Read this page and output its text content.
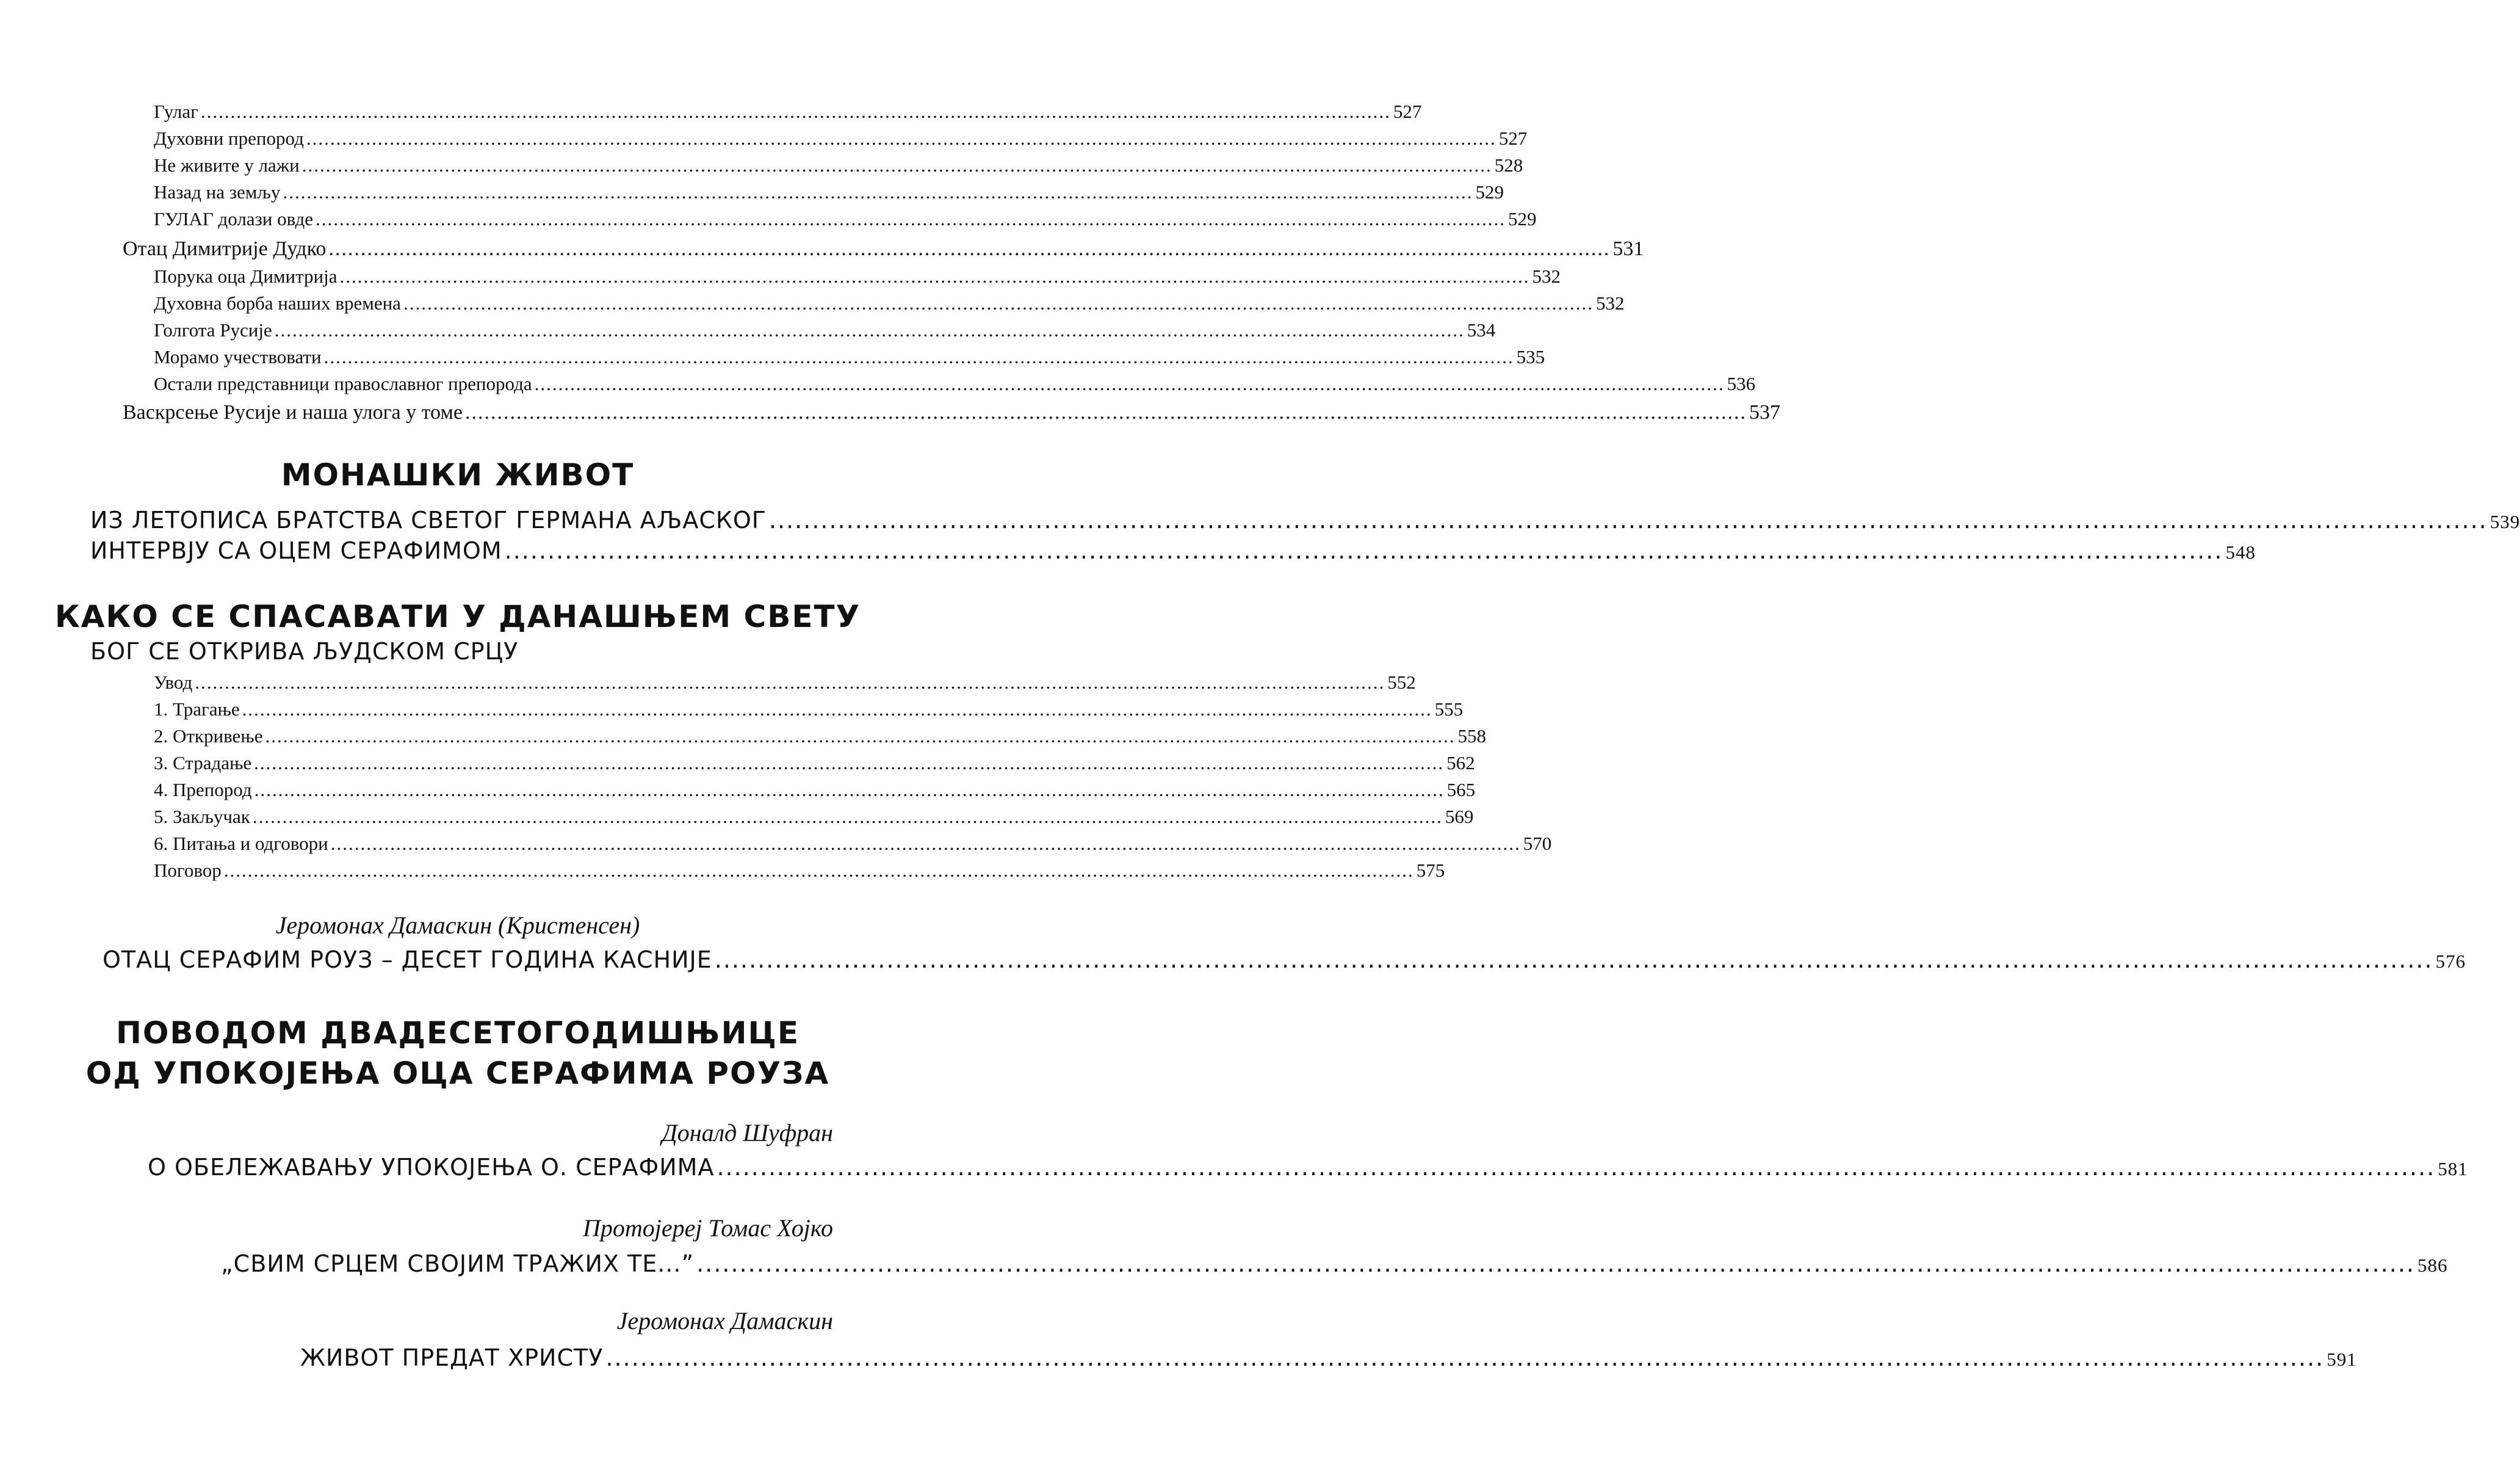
Гулаг ........................................................................................................................................................................................................ 527
Духовни препород ........................................................................................................................................................................................................ 527
Не живите у лажи ........................................................................................................................................................................................................ 528
Назад на земљу ........................................................................................................................................................................................................ 529
ГУЛАГ долази овде ........................................................................................................................................................................................................ 529
Отац Димитрије Дудко ........................................................................................................................................................................................................ 531
Порука оца Димитрија ........................................................................................................................................................................................................ 532
Духовна борба наших времена ........................................................................................................................................................................................................ 532
Голгота Русије ........................................................................................................................................................................................................ 534
Морамо учествовати ........................................................................................................................................................................................................ 535
Остали представници православног препорода ........................................................................................................................................................................................................ 536
Васкрсење Русије и наша улога у томе ........................................................................................................................................................................................................ 537
МОНАШКИ ЖИВОТ
ИЗ ЛЕТОПИСА БРАТСТВА СВЕТОГ ГЕРМАНА АЉАСКОГ ........................................................................................................................................................................................................ 539
ИНТЕРВЈУ СА ОЦЕМ СЕРАФИМОМ ........................................................................................................................................................................................................ 548
КАКО СЕ СПАСАВАТИ У ДАНАШЊЕМ СВЕТУ
БОГ СЕ ОТКРИВА ЉУДСКОМ СРЦУ
Увод ........................................................................................................................................................................................................ 552
1. Трагање ........................................................................................................................................................................................................ 555
2. Откривење ........................................................................................................................................................................................................ 558
3. Страдање ........................................................................................................................................................................................................ 562
4. Препород ........................................................................................................................................................................................................ 565
5. Закључак ........................................................................................................................................................................................................ 569
6. Питања и одговори ........................................................................................................................................................................................................ 570
Поговор ........................................................................................................................................................................................................ 575
Јеромонах Дамаскин (Кристенсен)
ОТАЦ СЕРАФИМ РОУЗ – ДЕСЕТ ГОДИНА КАСНИЈЕ ........................................................................................................................................................................................................ 576
ПОВОДОМ ДВАДЕСЕТОГОДИШЊИЦЕ
ОД УПОКОЈЕЊА ОЦА СЕРАФИМА РОУЗА
Доналд Шуфран
О ОБЕЛЕЖАВАЊУ УПОКОЈЕЊА О. СЕРАФИМА ........................................................................................................................................................................................................ 581
Протојереј Томас Хојко
„СВИМ СРЦЕМ СВОЈИМ ТРАЖИХ ТЕ...” ........................................................................................................................................................................................................ 586
Јеромонах Дамаскин
ЖИВОТ ПРЕДАТ ХРИСТУ ........................................................................................................................................................................................................ 591
